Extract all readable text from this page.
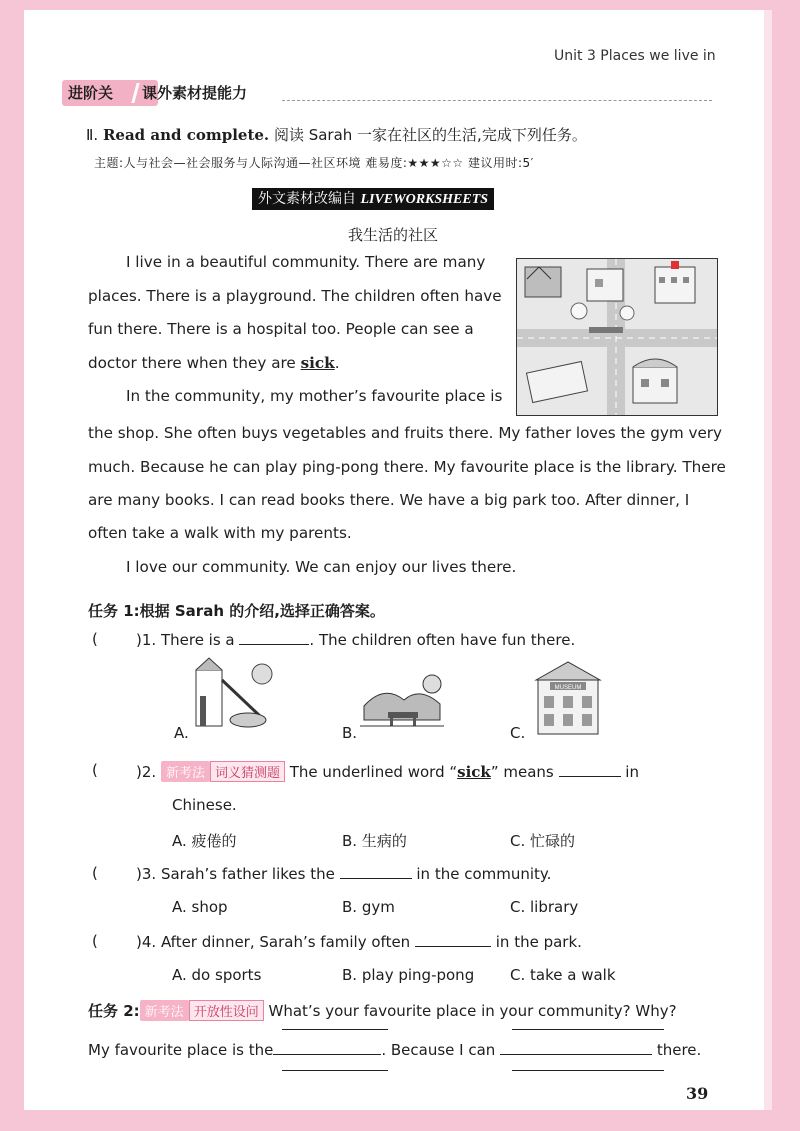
Unit 3 Places we live in
进阶关	课外素材提能力
Ⅱ. Read and complete. 阅读 Sarah 一家在社区的生活,完成下列任务。
主题:人与社会—社会服务与人际沟通—社区环境 难易度:★★★☆☆ 建议用时:5′
外文素材改编自 LIVEWORKSHEETS
我生活的社区
I live in a beautiful community. There are many
places. There is a playground. The children often have
fun there. There is a hospital too. People can see a
doctor there when they are sick.
In the community, my mother’s favourite place is
the shop. She often buys vegetables and fruits there. My father loves the gym very
much. Because he can play ping-pong there. My favourite place is the library. There
are many books. I can read books there. We have a big park too. After dinner, I
often take a walk with my parents.
I love our community. We can enjoy our lives there.
任务 1:根据 Sarah 的介绍,选择正确答案。
(	)1. There is a	. The children often have fun there.
A.	B.
MUSEUM
C.
(	)2. 新考法 词义猜测题 The underlined word “sick” means	in
Chinese.
A. 疲倦的	B. 生病的	C. 忙碌的
(	)3. Sarah’s father likes the	in the community.
A. shop	B. gym	C. library
(	)4. After dinner, Sarah’s family often	in the park.
A. do sports	B. play ping-pong C. take a walk
任务 2: 新考法 开放性设问 What’s your favourite place in your community? Why?
My favourite place is the	. Because I can	there.
39
